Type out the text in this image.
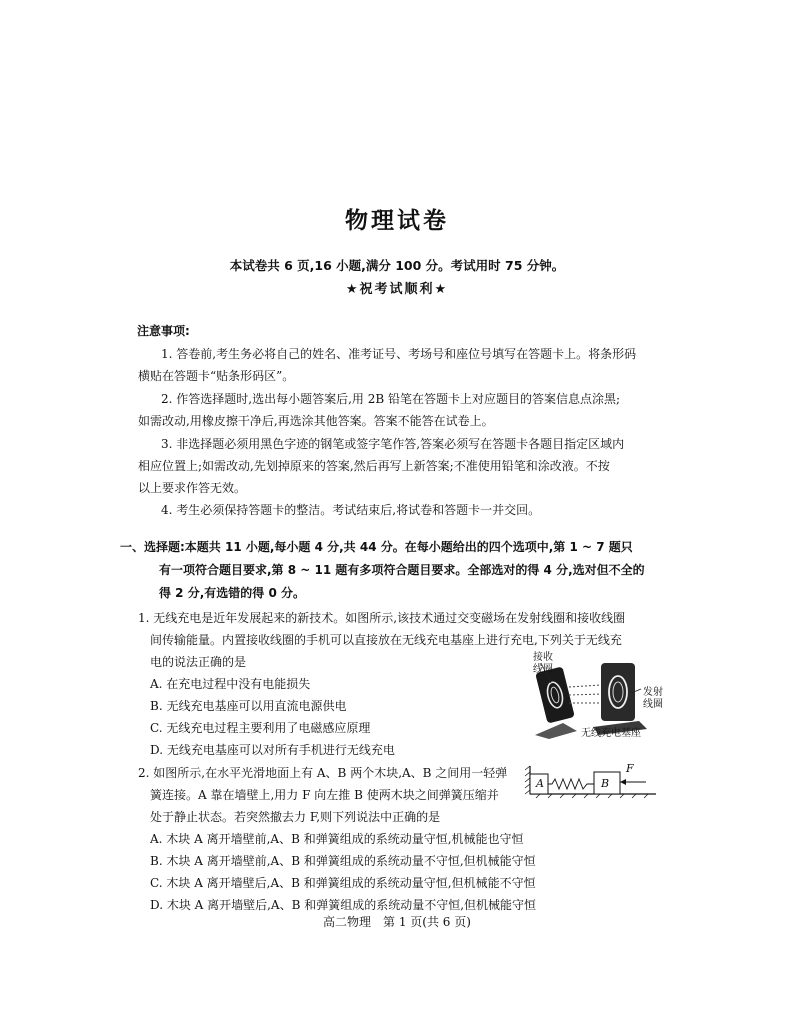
物理试卷
本试卷共 6 页,16 小题,满分 100 分。考试用时 75 分钟。
★祝考试顺利★
注意事项:
1. 答卷前,考生务必将自己的姓名、准考证号、考场号和座位号填写在答题卡上。将条形码
横贴在答题卡“贴条形码区”。
2. 作答选择题时,选出每小题答案后,用 2B 铅笔在答题卡上对应题目的答案信息点涂黑;
如需改动,用橡皮擦干净后,再选涂其他答案。答案不能答在试卷上。
3. 非选择题必须用黑色字迹的钢笔或签字笔作答,答案必须写在答题卡各题目指定区域内
相应位置上;如需改动,先划掉原来的答案,然后再写上新答案;不准使用铅笔和涂改液。不按
以上要求作答无效。
4. 考生必须保持答题卡的整洁。考试结束后,将试卷和答题卡一并交回。
一、选择题:本题共 11 小题,每小题 4 分,共 44 分。在每小题给出的四个选项中,第 1 ~ 7 题只
有一项符合题目要求,第 8 ~ 11 题有多项符合题目要求。全部选对的得 4 分,选对但不全的
得 2 分,有选错的得 0 分。
1. 无线充电是近年发展起来的新技术。如图所示,该技术通过交变磁场在发射线圈和接收线圈
间传输能量。内置接收线圈的手机可以直接放在无线充电基座上进行充电,下列关于无线充
电的说法正确的是
A. 在充电过程中没有电能损失
B. 无线充电基座可以用直流电源供电
C. 无线充电过程主要利用了电磁感应原理
D. 无线充电基座可以对所有手机进行无线充电
接收
线圈
发射
线圈
无线充电基座
2. 如图所示,在水平光滑地面上有 A、B 两个木块,A、B 之间用一轻弹
簧连接。A 靠在墙壁上,用力 F 向左推 B 使两木块之间弹簧压缩并
处于静止状态。若突然撤去力 F,则下列说法中正确的是
A. 木块 A 离开墙壁前,A、B 和弹簧组成的系统动量守恒,机械能也守恒
B. 木块 A 离开墙壁前,A、B 和弹簧组成的系统动量不守恒,但机械能守恒
C. 木块 A 离开墙壁后,A、B 和弹簧组成的系统动量守恒,但机械能不守恒
D. 木块 A 离开墙壁后,A、B 和弹簧组成的系统动量不守恒,但机械能守恒
A	B
F
高二物理　第 1 页(共 6 页)
